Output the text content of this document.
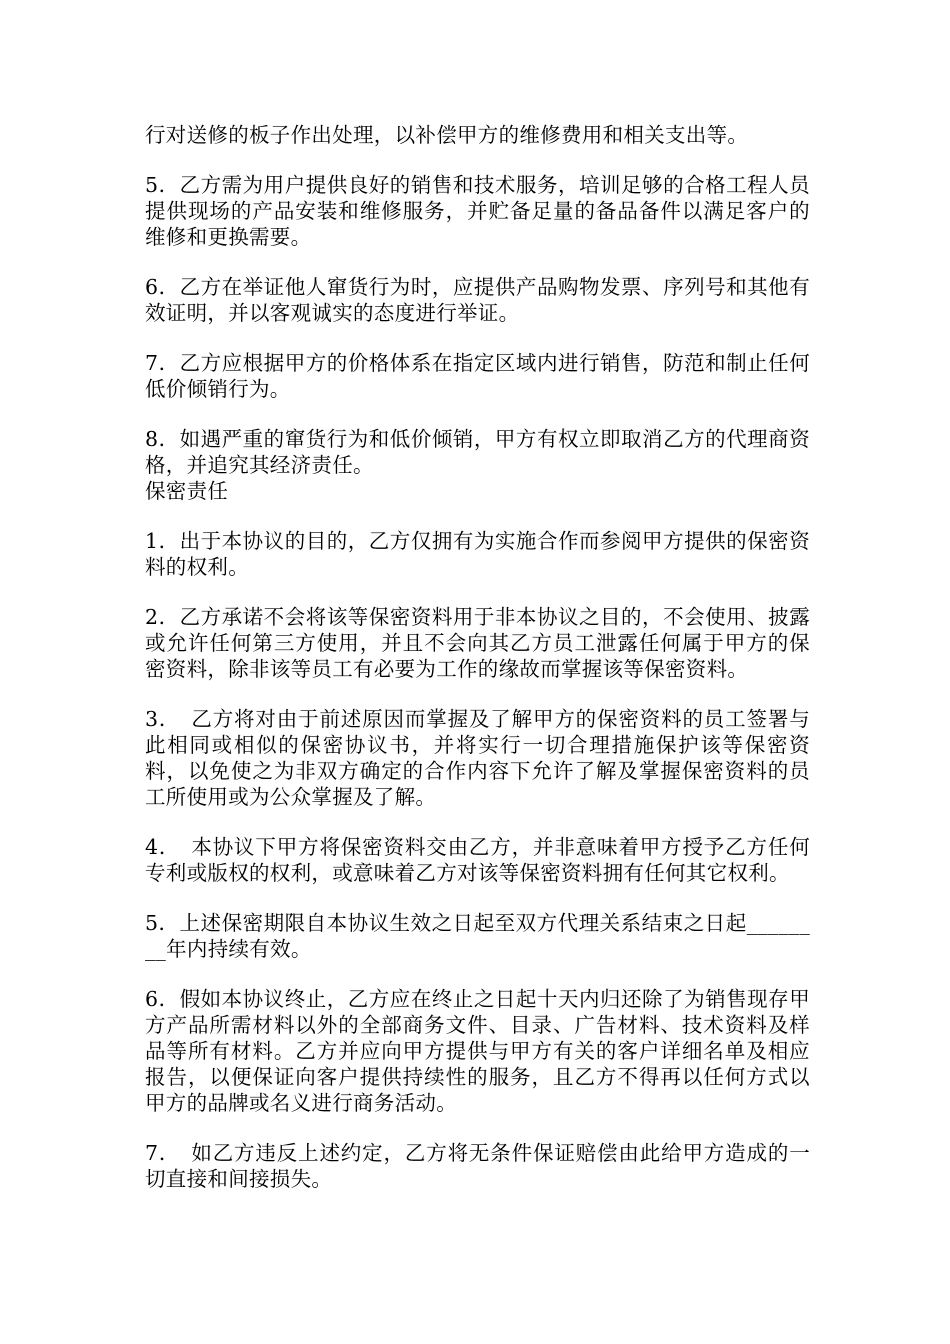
行对送修的板子作出处理，以补偿甲方的维修费用和相关支出等。

5．乙方需为用户提供良好的销售和技术服务，培训足够的合格工程人员提供现场的产品安装和维修服务，并贮备足量的备品备件以满足客户的维修和更换需要。

6．乙方在举证他人窜货行为时，应提供产品购物发票、序列号和其他有效证明，并以客观诚实的态度进行举证。

7．乙方应根据甲方的价格体系在指定区域内进行销售，防范和制止任何低价倾销行为。

8．如遇严重的窜货行为和低价倾销，甲方有权立即取消乙方的代理商资格，并追究其经济责任。

保密责任

1．出于本协议的目的，乙方仅拥有为实施合作而参阅甲方提供的保密资料的权利。

2．乙方承诺不会将该等保密资料用于非本协议之目的，不会使用、披露或允许任何第三方使用，并且不会向其乙方员工泄露任何属于甲方的保密资料，除非该等员工有必要为工作的缘故而掌握该等保密资料。

3．　乙方将对由于前述原因而掌握及了解甲方的保密资料的员工签署与此相同或相似的保密协议书，并将实行一切合理措施保护该等保密资料，以免使之为非双方确定的合作内容下允许了解及掌握保密资料的员工所使用或为公众掌握及了解。

4．　本协议下甲方将保密资料交由乙方，并非意味着甲方授予乙方任何专利或版权的权利，或意味着乙方对该等保密资料拥有任何其它权利。

5．上述保密期限自本协议生效之日起至双方代理关系结束之日起________年内持续有效。

6．假如本协议终止，乙方应在终止之日起十天内归还除了为销售现存甲方产品所需材料以外的全部商务文件、目录、广告材料、技术资料及样品等所有材料。乙方并应向甲方提供与甲方有关的客户详细名单及相应报告，以便保证向客户提供持续性的服务，且乙方不得再以任何方式以甲方的品牌或名义进行商务活动。

7．　如乙方违反上述约定，乙方将无条件保证赔偿由此给甲方造成的一切直接和间接损失。
